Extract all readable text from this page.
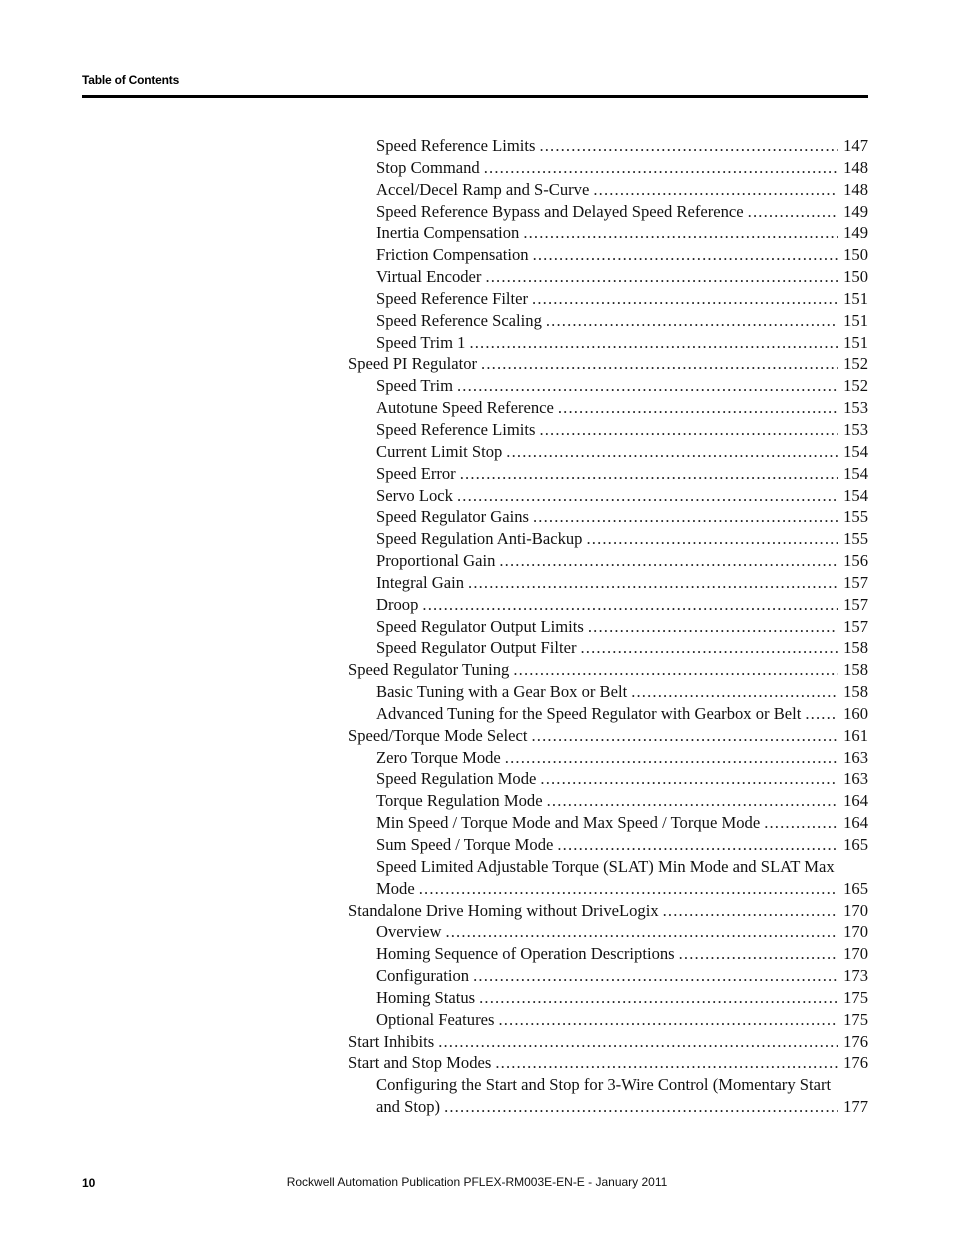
Table of Contents
Speed Reference Limits . . .	147
Stop Command . . .	148
Accel/Decel Ramp and S-Curve . . .	148
Speed Reference Bypass and Delayed Speed Reference . . .	149
Inertia Compensation . . .	149
Friction Compensation . . .	150
Virtual Encoder . . .	150
Speed Reference Filter . . .	151
Speed Reference Scaling . . .	151
Speed Trim 1 . . .	151
Speed PI Regulator . . .	152
Speed Trim . . .	152
Autotune Speed Reference . . .	153
Speed Reference Limits . . .	153
Current Limit Stop . . .	154
Speed Error . . .	154
Servo Lock . . .	154
Speed Regulator Gains . . .	155
Speed Regulation Anti-Backup . . .	155
Proportional Gain . . .	156
Integral Gain . . .	157
Droop . . .	157
Speed Regulator Output Limits . . .	157
Speed Regulator Output Filter . . .	158
Speed Regulator Tuning . . .	158
Basic Tuning with a Gear Box or Belt . . .	158
Advanced Tuning for the Speed Regulator with Gearbox or Belt . . .	160
Speed/Torque Mode Select . . .	161
Zero Torque Mode . . .	163
Speed Regulation Mode . . .	163
Torque Regulation Mode . . .	164
Min Speed / Torque Mode and Max Speed / Torque Mode . . .	164
Sum Speed / Torque Mode . . .	165
Speed Limited Adjustable Torque (SLAT) Min Mode and SLAT Max
Mode . . .	165
Standalone Drive Homing without DriveLogix . . .	170
Overview . . .	170
Homing Sequence of Operation Descriptions . . .	170
Configuration . . .	173
Homing Status . . .	175
Optional Features . . .	175
Start Inhibits . . .	176
Start and Stop Modes . . .	176
Configuring the Start and Stop for 3-Wire Control (Momentary Start
and Stop) . . .	177
10	Rockwell Automation Publication PFLEX-RM003E-EN-E - January 2011
